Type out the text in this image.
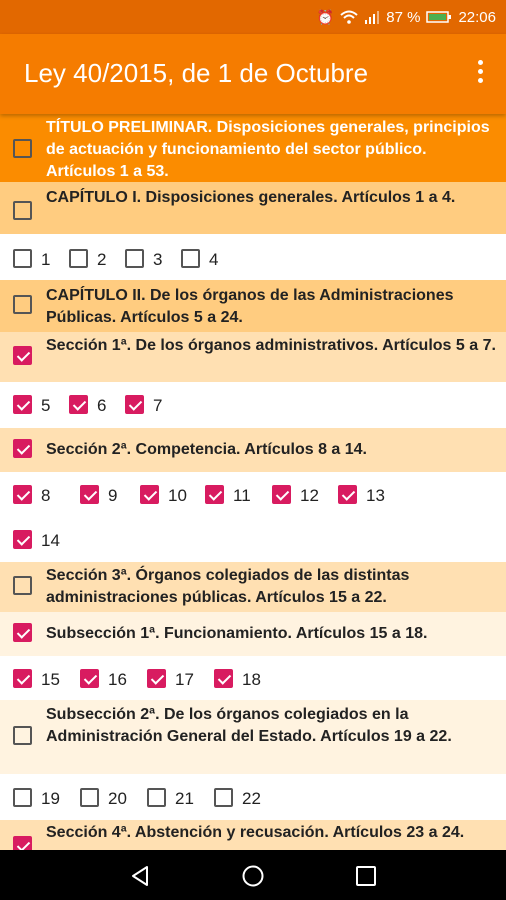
⏰	87 %	22:06
Ley 40/2015, de 1 de Octubre
TÍTULO PRELIMINAR. Disposiciones generales, principios de actuación y funcionamiento del sector público. Artículos 1 a 53.
CAPÍTULO I. Disposiciones generales. Artículos 1 a 4.
1	2	3	4
CAPÍTULO II. De los órganos de las Administraciones Públicas. Artículos 5 a 24.
Sección 1ª. De los órganos administrativos. Artículos 5 a 7.
5	6	7
Sección 2ª. Competencia. Artículos 8 a 14.
8	9	10	11	12	13
14
Sección 3ª. Órganos colegiados de las distintas administraciones públicas. Artículos 15 a 22.
Subsección 1ª. Funcionamiento. Artículos 15 a 18.
15	16	17	18
Subsección 2ª. De los órganos colegiados en la Administración General del Estado. Artículos 19 a 22.
19	20	21	22
Sección 4ª. Abstención y recusación. Artículos 23 a 24.
